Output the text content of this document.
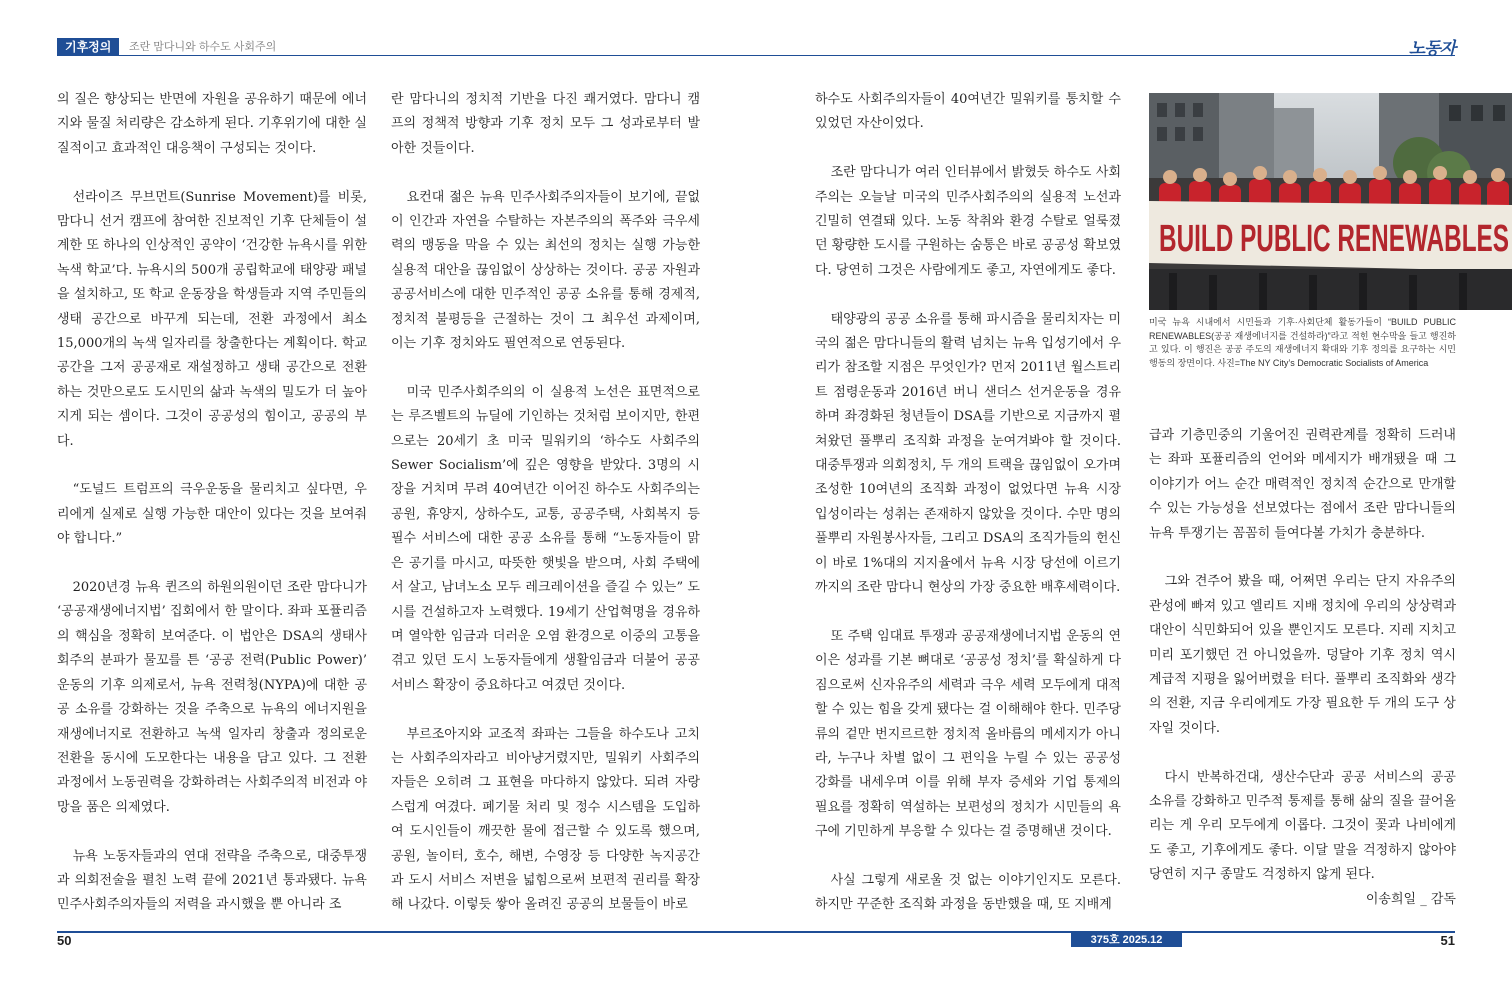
기후정의	조란 맘다니와 하수도 사회주의	노동자

의 질은 향상되는 반면에 자원을 공유하기 때문에 에너지와 물질 처리량은 감소하게 된다. 기후위기에 대한 실질적이고 효과적인 대응책이 구성되는 것이다.

선라이즈 무브먼트(Sunrise Movement)를 비롯, 맘다니 선거 캠프에 참여한 진보적인 기후 단체들이 설계한 또 하나의 인상적인 공약이 ‘건강한 뉴욕시를 위한 녹색 학교’다. 뉴욕시의 500개 공립학교에 태양광 패널을 설치하고, 또 학교 운동장을 학생들과 지역 주민들의 생태 공간으로 바꾸게 되는데, 전환 과정에서 최소 15,000개의 녹색 일자리를 창출한다는 계획이다. 학교 공간을 그저 공공재로 재설정하고 생태 공간으로 전환하는 것만으로도 도시민의 삶과 녹색의 밀도가 더 높아지게 되는 셈이다. 그것이 공공성의 힘이고, 공공의 부다.

“도널드 트럼프의 극우운동을 물리치고 싶다면, 우리에게 실제로 실행 가능한 대안이 있다는 것을 보여줘야 합니다.”

2020년경 뉴욕 퀸즈의 하원의원이던 조란 맘다니가 ‘공공재생에너지법’ 집회에서 한 말이다. 좌파 포퓰리즘의 핵심을 정확히 보여준다. 이 법안은 DSA의 생태사회주의 분파가 물꼬를 튼 ‘공공 전력(Public Power)’ 운동의 기후 의제로서, 뉴욕 전력청(NYPA)에 대한 공공 소유를 강화하는 것을 주축으로 뉴욕의 에너지원을 재생에너지로 전환하고 녹색 일자리 창출과 정의로운 전환을 동시에 도모한다는 내용을 담고 있다. 그 전환 과정에서 노동권력을 강화하려는 사회주의적 비전과 야망을 품은 의제였다.

뉴욕 노동자들과의 연대 전략을 주축으로, 대중투쟁과 의회전술을 펼친 노력 끝에 2021년 통과됐다. 뉴욕 민주사회주의자들의 저력을 과시했을 뿐 아니라 조

란 맘다니의 정치적 기반을 다진 쾌거였다. 맘다니 캠프의 정책적 방향과 기후 정치 모두 그 성과로부터 발아한 것들이다.

요컨대 젊은 뉴욕 민주사회주의자들이 보기에, 끝없이 인간과 자연을 수탈하는 자본주의의 폭주와 극우세력의 맹동을 막을 수 있는 최선의 정치는 실행 가능한 실용적 대안을 끊임없이 상상하는 것이다. 공공 자원과 공공서비스에 대한 민주적인 공공 소유를 통해 경제적, 정치적 불평등을 근절하는 것이 그 최우선 과제이며, 이는 기후 정치와도 필연적으로 연동된다.

미국 민주사회주의의 이 실용적 노선은 표면적으로는 루즈벨트의 뉴딜에 기인하는 것처럼 보이지만, 한편으로는 20세기 초 미국 밀워키의 ‘하수도 사회주의 Sewer Socialism’에 깊은 영향을 받았다. 3명의 시장을 거치며 무려 40여년간 이어진 하수도 사회주의는 공원, 휴양지, 상하수도, 교통, 공공주택, 사회복지 등 필수 서비스에 대한 공공 소유를 통해 “노동자들이 맑은 공기를 마시고, 따뜻한 햇빛을 받으며, 사회 주택에서 살고, 남녀노소 모두 레크레이션을 즐길 수 있는” 도시를 건설하고자 노력했다. 19세기 산업혁명을 경유하며 열악한 임금과 더러운 오염 환경으로 이중의 고통을 겪고 있던 도시 노동자들에게 생활임금과 더불어 공공서비스 확장이 중요하다고 여겼던 것이다.

부르조아지와 교조적 좌파는 그들을 하수도나 고치는 사회주의자라고 비아냥거렸지만, 밀워키 사회주의자들은 오히려 그 표현을 마다하지 않았다. 되려 자랑스럽게 여겼다. 폐기물 처리 및 정수 시스템을 도입하여 도시인들이 깨끗한 물에 접근할 수 있도록 했으며, 공원, 놀이터, 호수, 해변, 수영장 등 다양한 녹지공간과 도시 서비스 저변을 넓힘으로써 보편적 권리를 확장해 나갔다. 이렇듯 쌓아 올려진 공공의 보물들이 바로

하수도 사회주의자들이 40여년간 밀워키를 통치할 수 있었던 자산이었다.

조란 맘다니가 여러 인터뷰에서 밝혔듯 하수도 사회주의는 오늘날 미국의 민주사회주의의 실용적 노선과 긴밀히 연결돼 있다. 노동 착취와 환경 수탈로 얼룩졌던 황량한 도시를 구원하는 숨통은 바로 공공성 확보였다. 당연히 그것은 사람에게도 좋고, 자연에게도 좋다.

태양광의 공공 소유를 통해 파시즘을 물리치자는 미국의 젊은 맘다니들의 활력 넘치는 뉴욕 입성기에서 우리가 참조할 지점은 무엇인가? 먼저 2011년 월스트리트 점령운동과 2016년 버니 샌더스 선거운동을 경유하며 좌경화된 청년들이 DSA를 기반으로 지금까지 펼쳐왔던 풀뿌리 조직화 과정을 눈여겨봐야 할 것이다. 대중투쟁과 의회정치, 두 개의 트랙을 끊임없이 오가며 조성한 10여년의 조직화 과정이 없었다면 뉴욕 시장 입성이라는 성취는 존재하지 않았을 것이다. 수만 명의 풀뿌리 자원봉사자들, 그리고 DSA의 조직가들의 헌신이 바로 1%대의 지지율에서 뉴욕 시장 당선에 이르기까지의 조란 맘다니 현상의 가장 중요한 배후세력이다.

또 주택 임대료 투쟁과 공공재생에너지법 운동의 연이은 성과를 기본 뼈대로 ‘공공성 정치’를 확실하게 다짐으로써 신자유주의 세력과 극우 세력 모두에게 대적할 수 있는 힘을 갖게 됐다는 걸 이해해야 한다. 민주당 류의 겉만 번지르르한 정치적 올바름의 메세지가 아니라, 누구나 차별 없이 그 편익을 누릴 수 있는 공공성 강화를 내세우며 이를 위해 부자 증세와 기업 통제의 필요를 정확히 역설하는 보편성의 정치가 시민들의 욕구에 기민하게 부응할 수 있다는 걸 증명해낸 것이다.

사실 그렇게 새로울 것 없는 이야기인지도 모른다. 하지만 꾸준한 조직화 과정을 동반했을 때, 또 지배계

BUILD PUBLIC RENEWABLES
미국 뉴욕 시내에서 시민들과 기후·사회단체 활동가들이 “BUILD PUBLIC RENEWABLES(공공 재생에너지를 건설하라)”라고 적힌 현수막을 들고 행진하고 있다. 이 행진은 공공 주도의 재생에너지 확대와 기후 정의를 요구하는 시민 행동의 장면이다. 사진=The NY City’s Democratic Socialists of America

급과 기층민중의 기울어진 권력관계를 정확히 드러내는 좌파 포퓰리즘의 언어와 메세지가 배개됐을 때 그 이야기가 어느 순간 매력적인 정치적 순간으로 만개할 수 있는 가능성을 선보였다는 점에서 조란 맘다니들의 뉴욕 투쟁기는 꼼꼼히 들여다볼 가치가 충분하다.

그와 견주어 봤을 때, 어쩌면 우리는 단지 자유주의 관성에 빠져 있고 엘리트 지배 정치에 우리의 상상력과 대안이 식민화되어 있을 뿐인지도 모른다. 지레 지치고 미리 포기했던 건 아니었을까. 덩달아 기후 정치 역시 계급적 지평을 잃어버렸을 터다. 풀뿌리 조직화와 생각의 전환, 지금 우리에게도 가장 필요한 두 개의 도구 상자일 것이다.

다시 반복하건대, 생산수단과 공공 서비스의 공공 소유를 강화하고 민주적 통제를 통해 삶의 질을 끌어올리는 게 우리 모두에게 이롭다. 그것이 꽃과 나비에게도 좋고, 기후에게도 좋다. 이달 말을 걱정하지 않아야 당연히 지구 종말도 걱정하지 않게 된다.

이송희일 _ 감독
50	375호 2025.12	51
